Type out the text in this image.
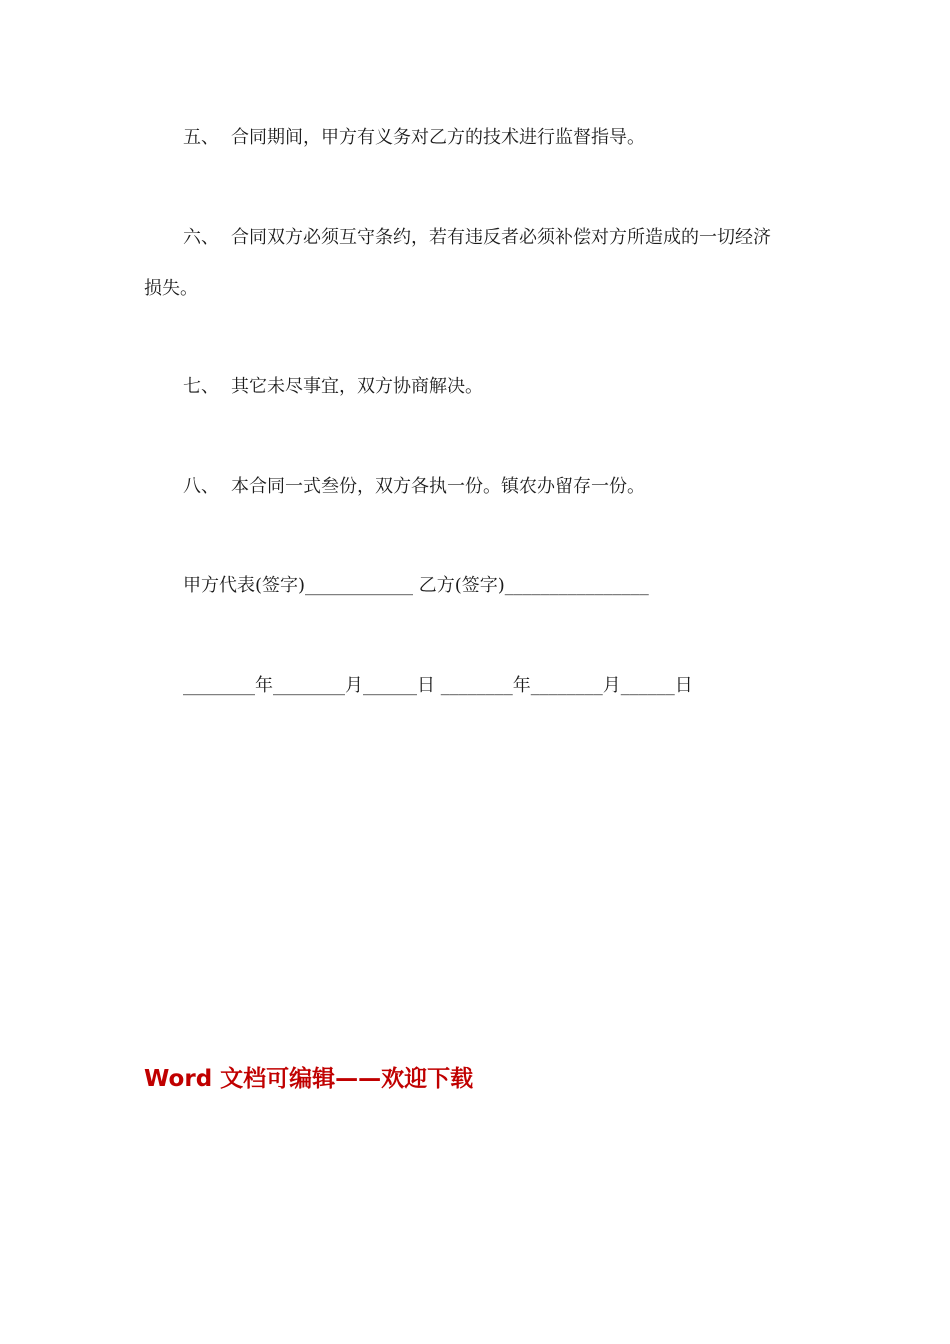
五、 合同期间，甲方有义务对乙方的技术进行监督指导。
六、 合同双方必须互守条约，若有违反者必须补偿对方所造成的一切经济
损失。
七、 其它未尽事宜，双方协商解决。
八、 本合同一式叁份，双方各执一份。镇农办留存一份。
甲方代表(签字)____________ 乙方(签字)________________
________年________月______日 ________年________月______日
Word 文档可编辑——欢迎下载
